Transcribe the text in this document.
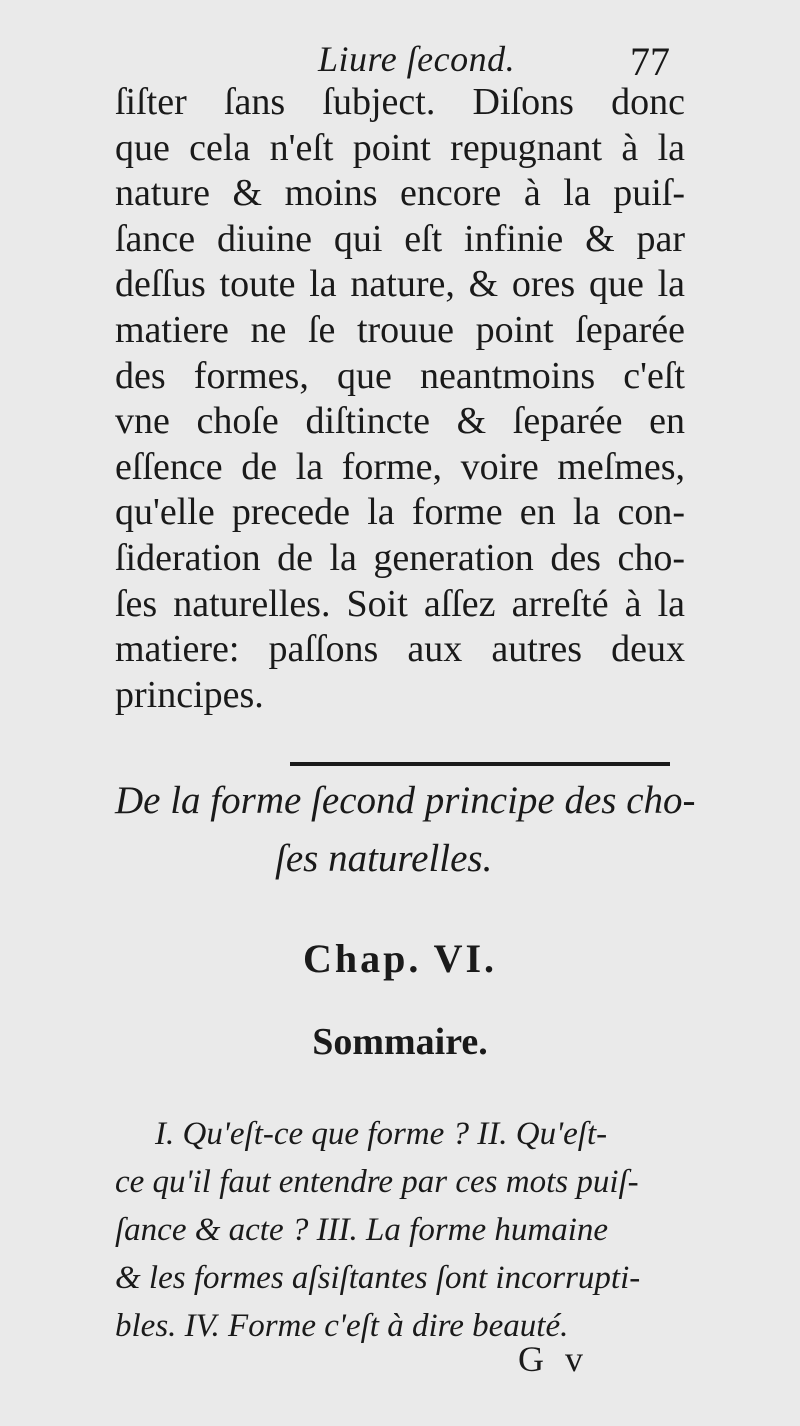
Liure ſecond.	77
ſiſter ſans ſubject. Diſons donc
que cela n'eſt point repugnant à la
nature & moins encore à la puiſ-
ſance diuine qui eſt infinie & par
deſſus toute la nature, & ores que la
matiere ne ſe trouue point ſeparée
des formes, que neantmoins c'eſt
vne choſe diſtincte & ſeparée en
eſſence de la forme, voire meſmes,
qu'elle precede la forme en la con-
ſideration de la generation des cho-
ſes naturelles. Soit aſſez arreſté à la
matiere: paſſons aux autres deux
principes.
De la forme ſecond principe des cho-
ſes naturelles.
Chap. VI.
Sommaire.
I. Qu'eſt-ce que forme ? II. Qu'eſt-
ce qu'il faut entendre par ces mots puiſ-
ſance & acte ? III. La forme humaine
& les formes aſsiſtantes ſont incorrupti-
bles. IV. Forme c'eſt à dire beauté.
G v
